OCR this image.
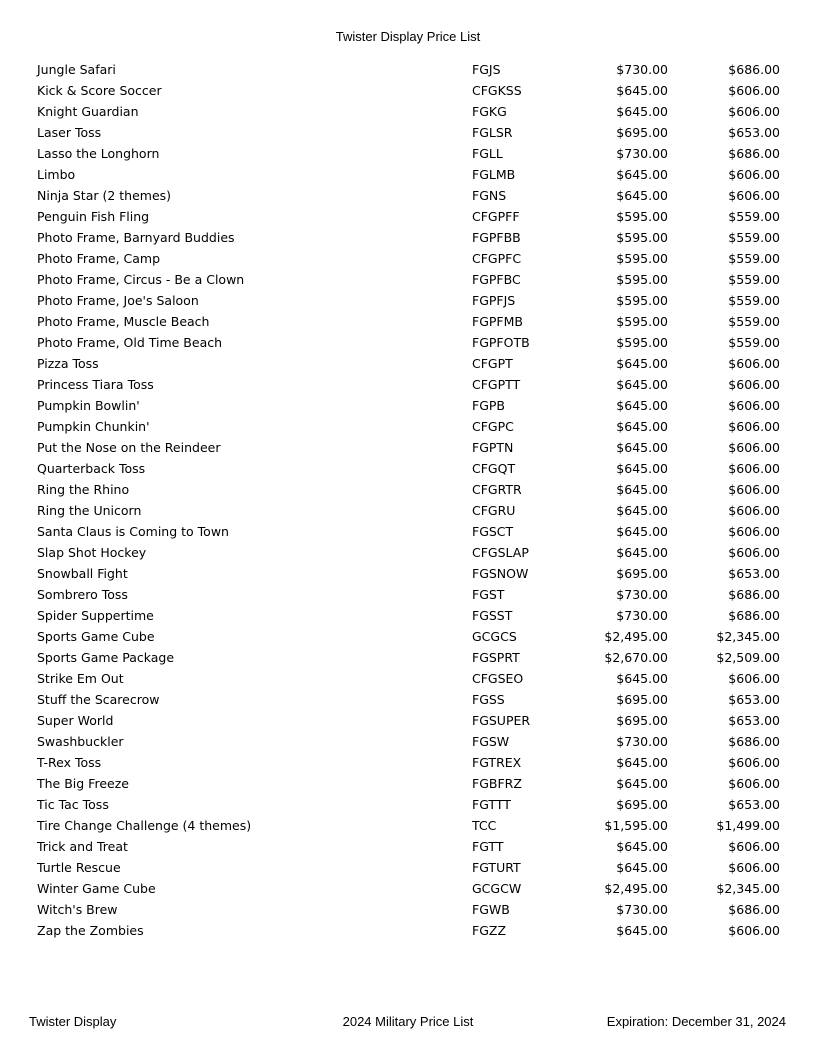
Twister Display Price List
Jungle Safari	FGJS	$730.00	$686.00
Kick & Score Soccer	CFGKSS	$645.00	$606.00
Knight Guardian	FGKG	$645.00	$606.00
Laser Toss	FGLSR	$695.00	$653.00
Lasso the Longhorn	FGLL	$730.00	$686.00
Limbo	FGLMB	$645.00	$606.00
Ninja Star (2 themes)	FGNS	$645.00	$606.00
Penguin Fish Fling	CFGPFF	$595.00	$559.00
Photo Frame, Barnyard Buddies	FGPFBB	$595.00	$559.00
Photo Frame, Camp	CFGPFC	$595.00	$559.00
Photo Frame, Circus - Be a Clown	FGPFBC	$595.00	$559.00
Photo Frame, Joe's Saloon	FGPFJS	$595.00	$559.00
Photo Frame, Muscle Beach	FGPFMB	$595.00	$559.00
Photo Frame, Old Time Beach	FGPFOTB	$595.00	$559.00
Pizza Toss	CFGPT	$645.00	$606.00
Princess Tiara Toss	CFGPTT	$645.00	$606.00
Pumpkin Bowlin'	FGPB	$645.00	$606.00
Pumpkin Chunkin'	CFGPC	$645.00	$606.00
Put the Nose on the Reindeer	FGPTN	$645.00	$606.00
Quarterback Toss	CFGQT	$645.00	$606.00
Ring the Rhino	CFGRTR	$645.00	$606.00
Ring the Unicorn	CFGRU	$645.00	$606.00
Santa Claus is Coming to Town	FGSCT	$645.00	$606.00
Slap Shot Hockey	CFGSLAP	$645.00	$606.00
Snowball Fight	FGSNOW	$695.00	$653.00
Sombrero Toss	FGST	$730.00	$686.00
Spider Suppertime	FGSST	$730.00	$686.00
Sports Game Cube	GCGCS	$2,495.00	$2,345.00
Sports Game Package	FGSPRT	$2,670.00	$2,509.00
Strike Em Out	CFGSEO	$645.00	$606.00
Stuff the Scarecrow	FGSS	$695.00	$653.00
Super World	FGSUPER	$695.00	$653.00
Swashbuckler	FGSW	$730.00	$686.00
T-Rex Toss	FGTREX	$645.00	$606.00
The Big Freeze	FGBFRZ	$645.00	$606.00
Tic Tac Toss	FGTTT	$695.00	$653.00
Tire Change Challenge (4 themes)	TCC	$1,595.00	$1,499.00
Trick and Treat	FGTT	$645.00	$606.00
Turtle Rescue	FGTURT	$645.00	$606.00
Winter Game Cube	GCGCW	$2,495.00	$2,345.00
Witch's Brew	FGWB	$730.00	$686.00
Zap the Zombies	FGZZ	$645.00	$606.00
Twister Display	2024 Military Price List	Expiration: December 31, 2024
